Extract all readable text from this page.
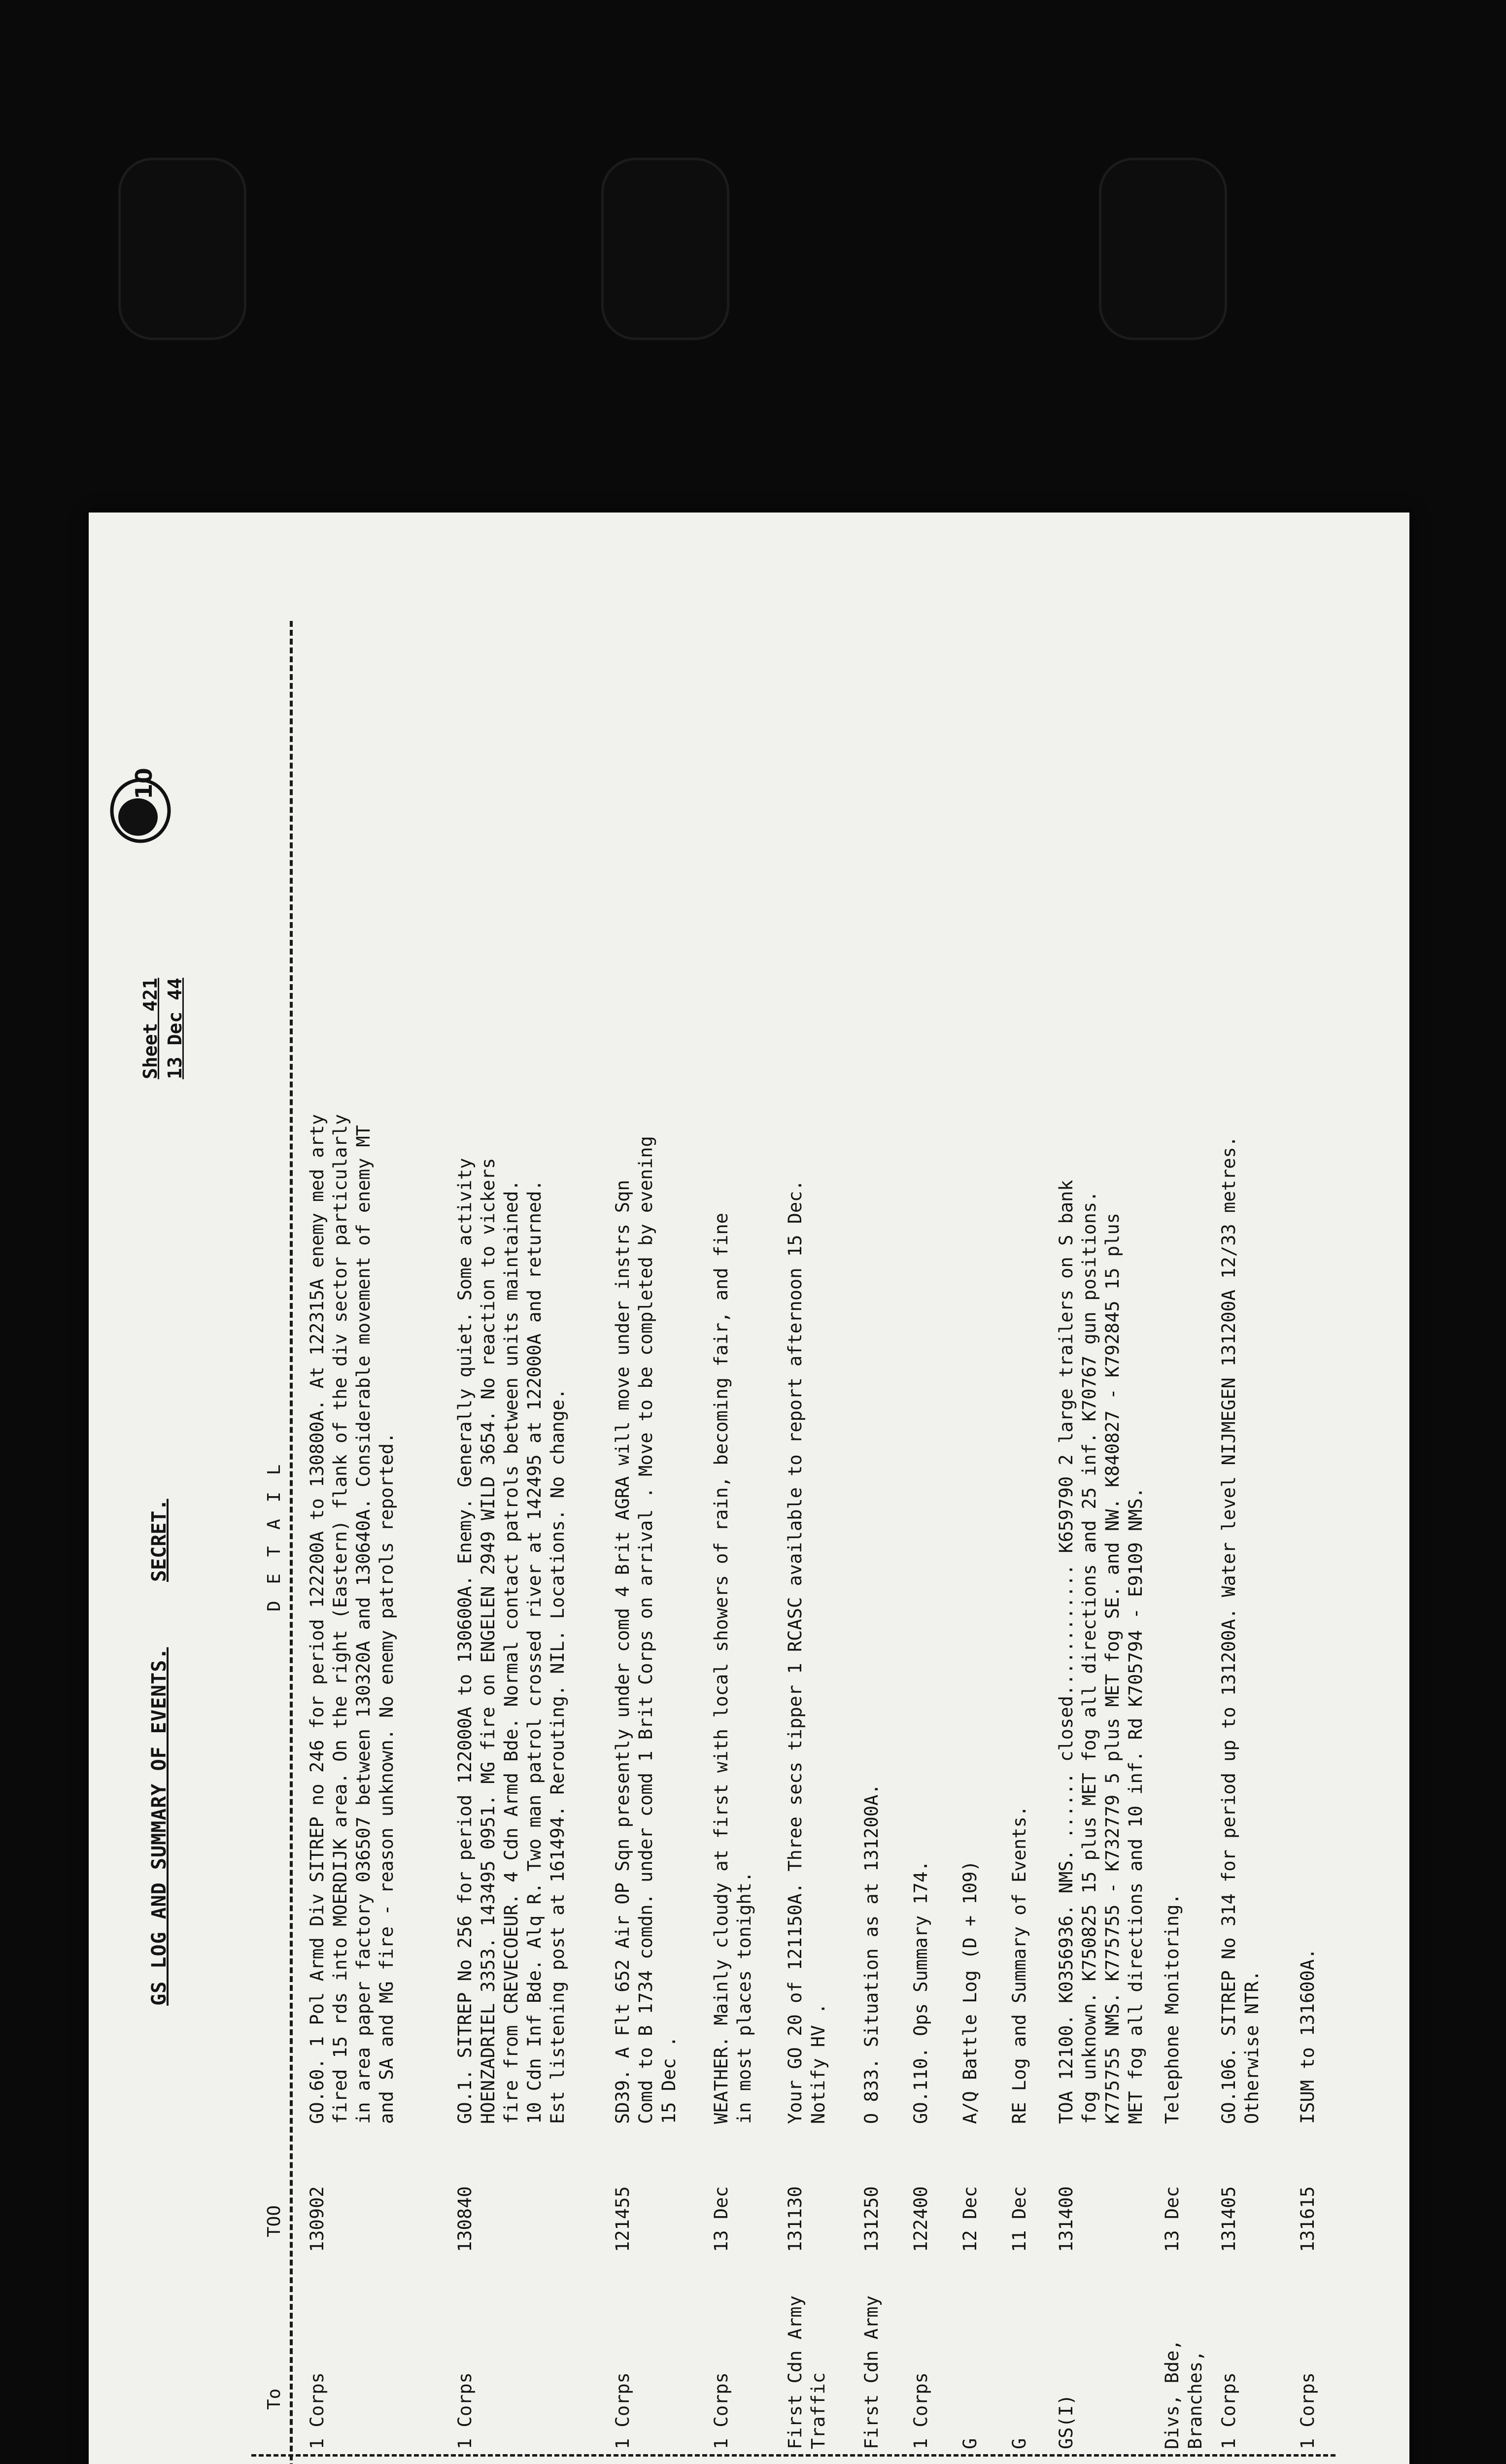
GS LOG AND SUMMARY OF EVENTS.
SECRET.
Sheet 421 13 Dec 44
107
To
TOO
D E T A I L
1 Corps
130902
GO.60. 1 Pol Armd Div SITREP no 246 for period 122200A to 130800A. At 122315A enemy med arty fired 15 rds into MOERDIJK area. On the right (Eastern) flank of the div sector particularly in area paper factory 036507 between 130320A and 130640A. Considerable movement of enemy MT and SA and MG fire - reason unknown. No enemy patrols reported.
1 Corps
130840
GO.1. SITREP No 256 for period 122000A to 130600A. Enemy. Generally quiet. Some activity HOENZADRIEL 3353. 143495 0951. MG fire on ENGELEN 2949 WILD 3654. No reaction to vickers fire from CREVECOEUR. 4 Cdn Armd Bde. Normal contact patrols between units maintained. 10 Cdn Inf Bde. Alq R. Two man patrol crossed river at 142495 at 122000A and returned. Est listening post at 161494. Rerouting. NIL. Locations. No change.
1 Corps
121455
SD39. A Flt 652 Air OP Sqn presently under comd 4 Brit AGRA will move under instrs Sqn Comd to B 1734 comdn. under comd 1 Brit Corps on arrival . Move to be completed by evening 15 Dec .
1 Corps
13 Dec
WEATHER. Mainly cloudy at first with local showers of rain, becoming fair, and fine in most places tonight.
First Cdn Army Traffic
131130
Your GO 20 of 121150A. Three secs tipper 1 RCASC available to report afternoon 15 Dec. Notify HV .
First Cdn Army
131250
O 833. Situation as at 131200A.
1 Corps
122400
GO.110. Ops Summary 174.
G
12 Dec
A/Q Battle Log (D + 109)
G
11 Dec
RE Log and Summary of Events.
GS(I)
131400
TOA 12100. K0356936. NMS. ...... closed............ K659790 2 large trailers on S bank fog unknown. K750825 15 plus MET fog all directions and 25 inf. K70767 gun positions. K775755 NMS. K775755 - K732779 5 plus MET fog SE. and NW. K840827 - K792845 15 plus MET fog all directions and 10 inf. Rd K705794 - E9109 NMS.
Divs, Bde, Branches,
13 Dec
Telephone Monitoring.
1 Corps
131405
GO.106. SITREP No 314 for period up to 131200A. Water level NIJMEGEN 131200A 12/33 metres. Otherwise NTR.
1 Corps
131615
ISUM to 131600A.
